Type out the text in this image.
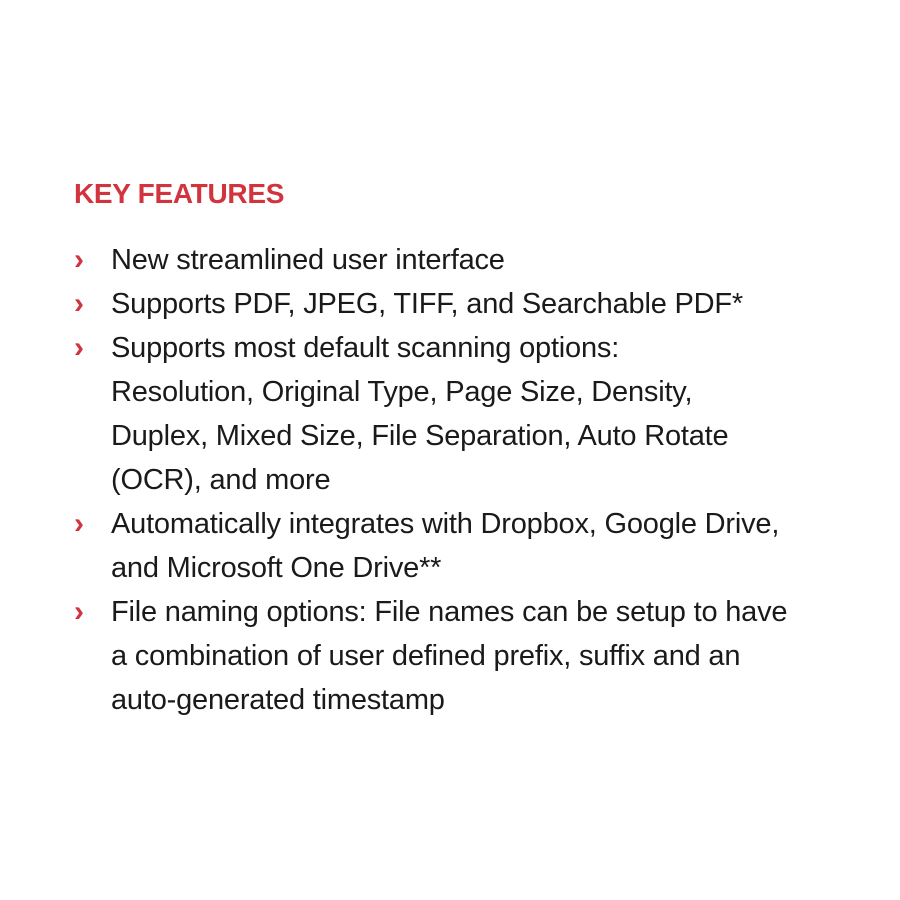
KEY FEATURES
› New streamlined user interface
› Supports PDF, JPEG, TIFF, and Searchable PDF*
› Supports most default scanning options:
Resolution, Original Type, Page Size, Density,
Duplex, Mixed Size, File Separation, Auto Rotate
(OCR), and more
› Automatically integrates with Dropbox, Google Drive,
and Microsoft One Drive**
› File naming options: File names can be setup to have
a combination of user defined prefix, suffix and an
auto-generated timestamp
